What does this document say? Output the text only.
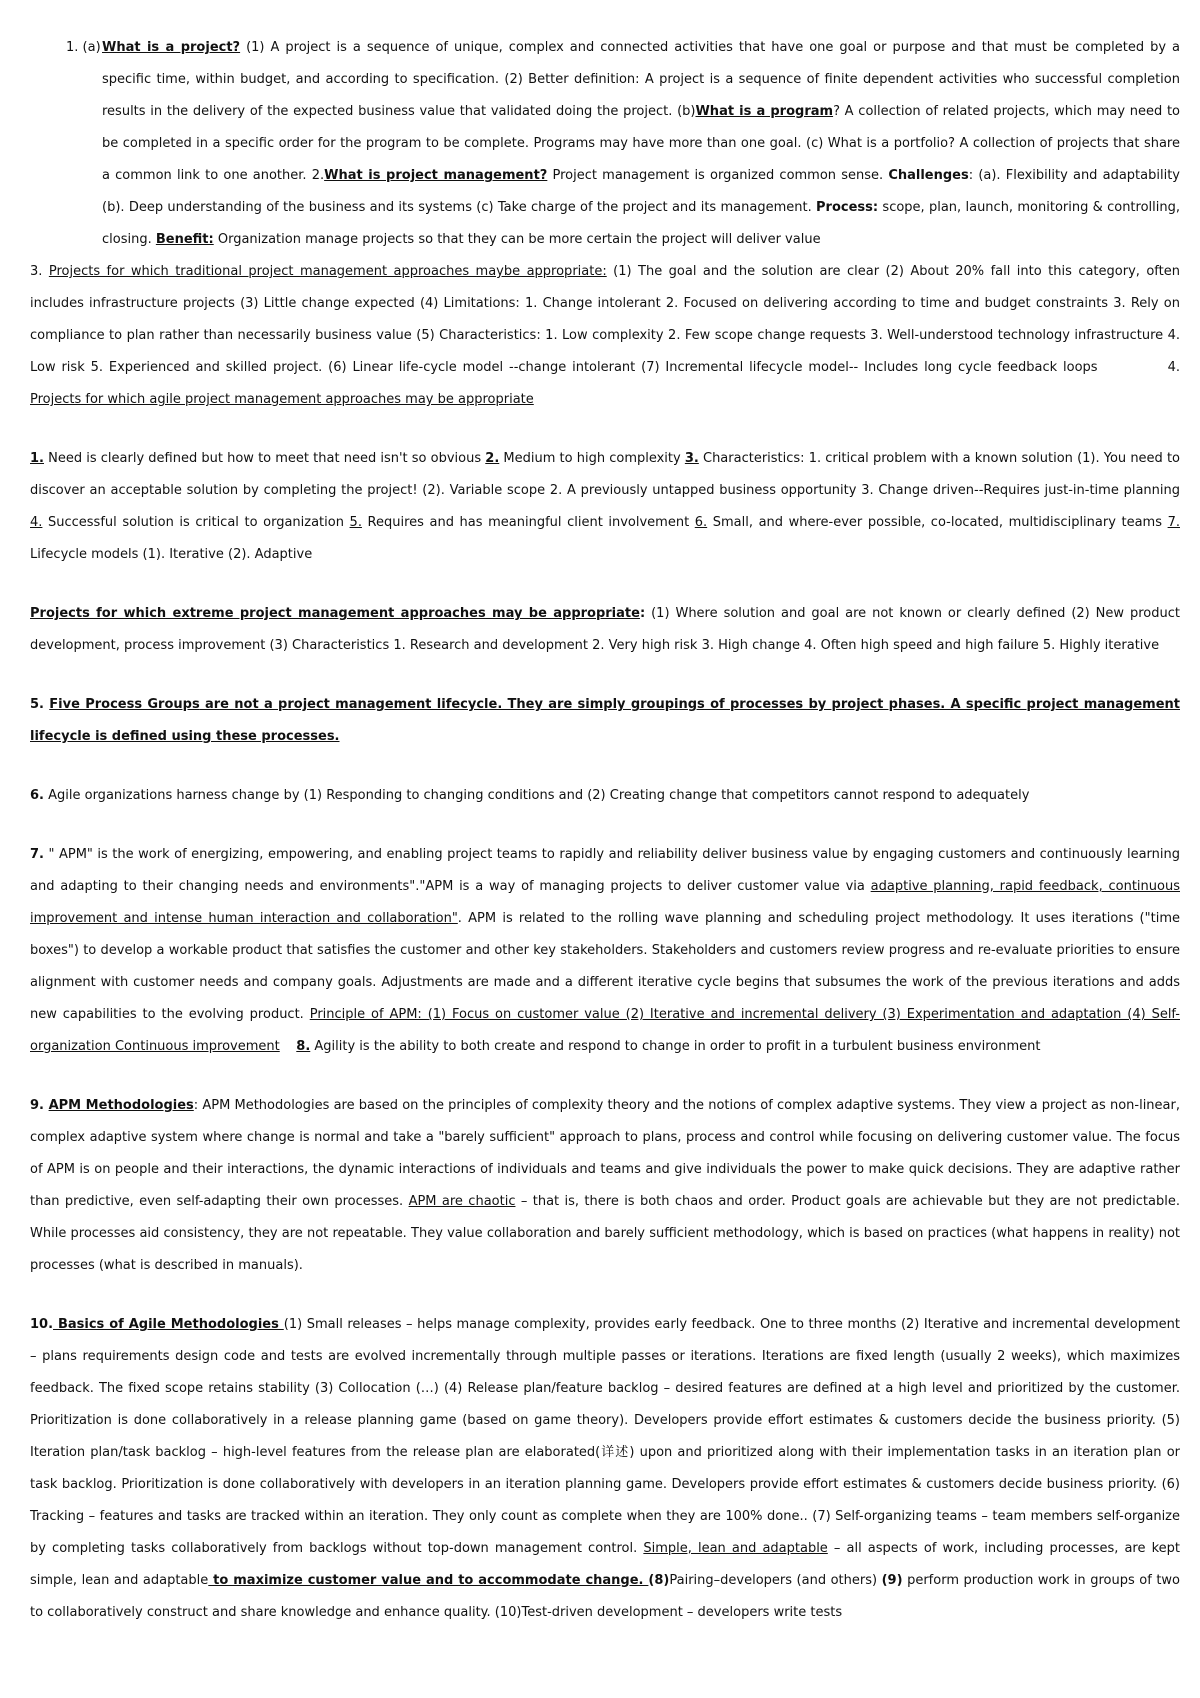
1. (a) What is a project? (1) A project is a sequence of unique, complex and connected activities that have one goal or purpose and that must be completed by a specific time, within budget, and according to specification. (2) Better definition: A project is a sequence of finite dependent activities who successful completion results in the delivery of the expected business value that validated doing the project. (b)What is a program? A collection of related projects, which may need to be completed in a specific order for the program to be complete. Programs may have more than one goal. (c) What is a portfolio? A collection of projects that share a common link to one another. 2.What is project management? Project management is organized common sense. Challenges: (a). Flexibility and adaptability (b). Deep understanding of the business and its systems (c) Take charge of the project and its management. Process: scope, plan, launch, monitoring & controlling, closing. Benefit: Organization manage projects so that they can be more certain the project will deliver value

3. Projects for which traditional project management approaches maybe appropriate: (1) The goal and the solution are clear (2) About 20% fall into this category, often includes infrastructure projects (3) Little change expected (4) Limitations: 1. Change intolerant 2. Focused on delivering according to time and budget constraints 3. Rely on compliance to plan rather than necessarily business value (5) Characteristics: 1. Low complexity 2. Few scope change requests 3. Well-understood technology infrastructure 4. Low risk 5. Experienced and skilled project. (6) Linear life-cycle model --change intolerant (7) Incremental lifecycle model-- Includes long cycle feedback loops	4. Projects for which agile project management approaches may be appropriate

1. Need is clearly defined but how to meet that need isn't so obvious 2. Medium to high complexity 3. Characteristics: 1. critical problem with a known solution (1). You need to discover an acceptable solution by completing the project! (2). Variable scope 2. A previously untapped business opportunity 3. Change driven--Requires just-in-time planning 4. Successful solution is critical to organization 5. Requires and has meaningful client involvement 6. Small, and where-ever possible, co-located, multidisciplinary teams 7. Lifecycle models (1). Iterative (2). Adaptive

Projects for which extreme project management approaches may be appropriate: (1) Where solution and goal are not known or clearly defined (2) New product development, process improvement (3) Characteristics 1. Research and development 2. Very high risk 3. High change 4. Often high speed and high failure 5. Highly iterative

5. Five Process Groups are not a project management lifecycle. They are simply groupings of processes by project phases. A specific project management lifecycle is defined using these processes.

6. Agile organizations harness change by (1) Responding to changing conditions and (2) Creating change that competitors cannot respond to adequately

7. " APM" is the work of energizing, empowering, and enabling project teams to rapidly and reliability deliver business value by engaging customers and continuously learning and adapting to their changing needs and environments"."APM is a way of managing projects to deliver customer value via adaptive planning, rapid feedback, continuous improvement and intense human interaction and collaboration". APM is related to the rolling wave planning and scheduling project methodology. It uses iterations ("time boxes") to develop a workable product that satisfies the customer and other key stakeholders. Stakeholders and customers review progress and re-evaluate priorities to ensure alignment with customer needs and company goals. Adjustments are made and a different iterative cycle begins that subsumes the work of the previous iterations and adds new capabilities to the evolving product. Principle of APM: (1) Focus on customer value (2) Iterative and incremental delivery (3) Experimentation and adaptation (4) Self-organization Continuous improvement 8. Agility is the ability to both create and respond to change in order to profit in a turbulent business environment

9. APM Methodologies: APM Methodologies are based on the principles of complexity theory and the notions of complex adaptive systems. They view a project as non-linear, complex adaptive system where change is normal and take a "barely sufficient" approach to plans, process and control while focusing on delivering customer value. The focus of APM is on people and their interactions, the dynamic interactions of individuals and teams and give individuals the power to make quick decisions. They are adaptive rather than predictive, even self-adapting their own processes. APM are chaotic – that is, there is both chaos and order. Product goals are achievable but they are not predictable. While processes aid consistency, they are not repeatable. They value collaboration and barely sufficient methodology, which is based on practices (what happens in reality) not processes (what is described in manuals).

10. Basics of Agile Methodologies (1) Small releases – helps manage complexity, provides early feedback. One to three months (2) Iterative and incremental development – plans requirements design code and tests are evolved incrementally through multiple passes or iterations. Iterations are fixed length (usually 2 weeks), which maximizes feedback. The fixed scope retains stability (3) Collocation (…) (4) Release plan/feature backlog – desired features are defined at a high level and prioritized by the customer. Prioritization is done collaboratively in a release planning game (based on game theory). Developers provide effort estimates & customers decide the business priority. (5) Iteration plan/task backlog – high-level features from the release plan are elaborated(详述) upon and prioritized along with their implementation tasks in an iteration plan or task backlog. Prioritization is done collaboratively with developers in an iteration planning game. Developers provide effort estimates & customers decide business priority. (6) Tracking – features and tasks are tracked within an iteration. They only count as complete when they are 100% done.. (7) Self-organizing teams – team members self-organize by completing tasks collaboratively from backlogs without top-down management control. Simple, lean and adaptable – all aspects of work, including processes, are kept simple, lean and adaptable to maximize customer value and to accommodate change. (8)Pairing–developers (and others) (9) perform production work in groups of two to collaboratively construct and share knowledge and enhance quality. (10)Test-driven development – developers write tests
